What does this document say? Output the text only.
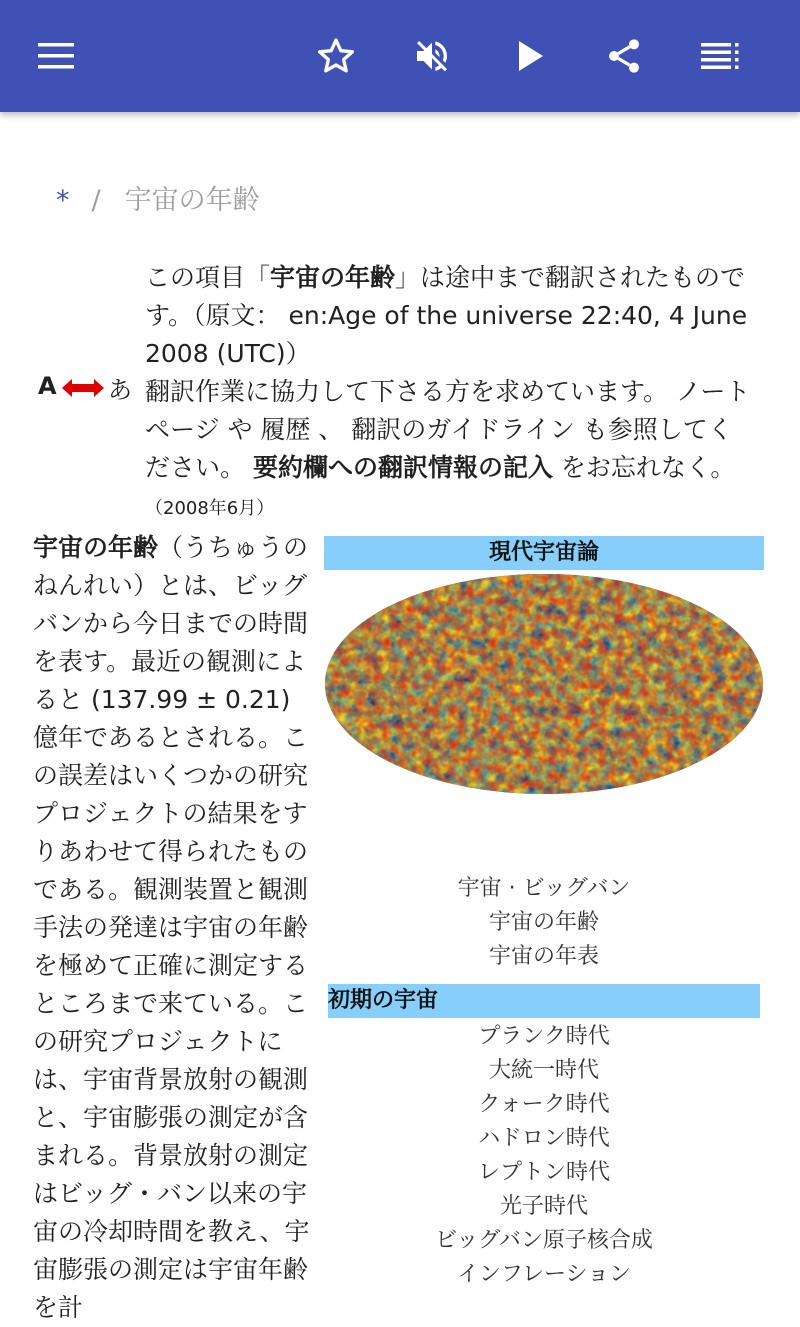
* / 宇宙の年齢
A あ
この項目「宇宙の年齢」は途中まで翻訳されたものです。（原文： en:Age of the universe 22:40, 4 June 2008 (UTC)）
翻訳作業に協力して下さる方を求めています。 ノートページ や 履歴 、 翻訳のガイドライン も参照してください。 要約欄への翻訳情報の記入 をお忘れなく。 （2008年6月）
宇宙の年齢（うちゅうのねんれい）とは、ビッグバンから今日までの時間を表す。最近の観測によると (137.99 ± 0.21) 億年であるとされる。この誤差はいくつかの研究プロジェクトの結果をすりあわせて得られたものである。観測装置と観測手法の発達は宇宙の年齢を極めて正確に測定するところまで来ている。この研究プロジェクトには、宇宙背景放射の観測と、宇宙膨張の測定が含まれる。背景放射の測定はビッグ・バン以来の宇宙の冷却時間を教え、宇宙膨張の測定は宇宙年齢を計
現代宇宙論
宇宙 · ビッグバン
宇宙の年齢
宇宙の年表
初期の宇宙
プランク時代
大統一時代
クォーク時代
ハドロン時代
レプトン時代
光子時代
ビッグバン原子核合成
インフレーション
